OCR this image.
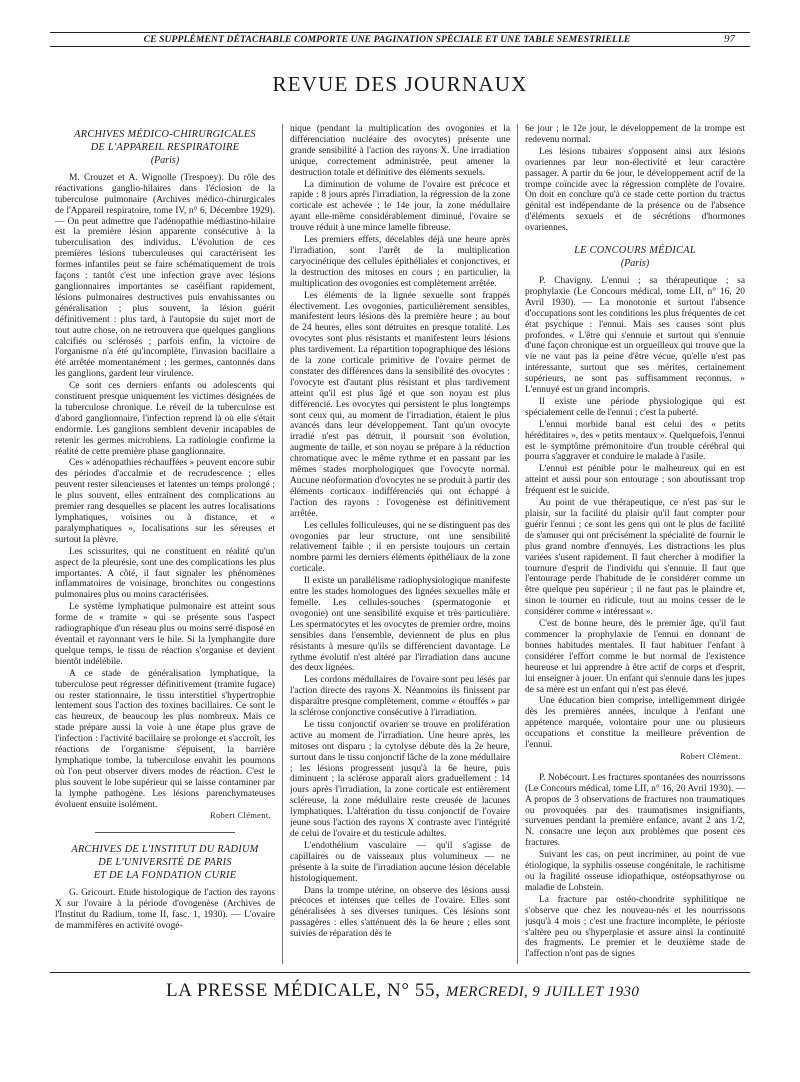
CE SUPPLÉMENT DÉTACHABLE COMPORTE UNE PAGINATION SPÉCIALE ET UNE TABLE SEMESTRIELLE	97
REVUE DES JOURNAUX
ARCHIVES MÉDICO-CHIRURGICALES
DE L'APPAREIL RESPIRATOIRE
(Paris)

M. Crouzet et A. Wignolle (Trespoey). Du rôle des réactivations ganglio-hilaires dans l'éclosion de la tuberculose pulmonaire (Archives médico-chirurgicales de l'Appareil respiratoire, tome IV, n° 6, Décembre 1929). — On peut admettre que l'adénopathie médiastino-hilaire est la première lésion apparente consécutive à la tuberculisation des individus. L'évolution de ces premières lésions tuberculeuses qui caractérisent les formes infantiles peut se faire schématiquement de trois façons : tantôt c'est une infection grave avec lésions ganglionnaires importantes se caséifiant rapidement, lésions pulmonaires destructives puis envahissantes ou généralisation ; plus souvent, la lésion guérit définitivement : plus tard, à l'autopsie du sujet mort de tout autre chose, on ne retrouvera que quelques ganglions calcifiés ou sclérosés ; parfois enfin, la victoire de l'organisme n'a été qu'incomplète, l'invasion bacillaire a été arrêtée momentanément ; les germes, cantonnés dans les ganglions, gardent leur virulence.

Ce sont ces derniers enfants ou adolescents qui constituent presque uniquement les victimes désignées de la tuberculose chronique. Le réveil de la tuberculose est d'abord ganglionnaire, l'infection reprend là où elle s'était endormie. Les ganglions semblent devenir incapables de retenir les germes microbiens. La radiologie confirme la réalité de cette première phase ganglionnaire.

Ces « adénopathies réchauffées » peuvent encore subir des périodes d'accalmie et de recrudescence ; elles peuvent rester silencieuses et latentes un temps prolongé ; le plus souvent, elles entraînent des complications au premier rang desquelles se placent les autres localisations lymphatiques, voisines ou à distance, et « paralymphatiques », localisations sur les séreuses et surtout la plèvre.

Les scissurites, qui ne constituent en réalité qu'un aspect de la pleurésie, sont une des complications les plus importantes. A côté, il faut signaler les phénomènes inflammatoires de voisinage, bronchites ou congestions pulmonaires plus ou moins caractérisées.

Le système lymphatique pulmonaire est atteint sous forme de « tramite » qui se présente sous l'aspect radiographique d'un réseau plus ou moins serré disposé en éventail et rayonnant vers le hile. Si la lymphangite dure quelque temps, le tissu de réaction s'organise et devient bientôt indélébile.

A ce stade de généralisation lymphatique, la tuberculose peut régresser définitivement (tramite fugace) ou rester stationnaire, le tissu interstitiel s'hypertrophie lentement sous l'action des toxines bacillaires. Ce sont le cas heureux, de beaucoup les plus nombreux. Mais ce stade prépare aussi la voie à une étape plus grave de l'infection : l'activité bacillaire se prolonge et s'accroît, les réactions de l'organisme s'épuisent, la barrière lymphatique tombe, la tuberculose envahit les poumons où l'on peut observer divers modes de réaction. C'est le plus souvent le lobe supérieur qui se laisse contaminer par la lymphe pathogène. Les lésions parenchymateuses évoluent ensuite isolément.

Robert Clément.
ARCHIVES DE L'INSTITUT DU RADIUM
DE L'UNIVERSITÉ DE PARIS
ET DE LA FONDATION CURIE

G. Gricourt. Etude histologique de l'action des rayons X sur l'ovaire à la période d'ovogenèse (Archives de l'Institut du Radium, tome II, fasc. 1, 1930). — L'ovaire de mammifères en activité ovogé-

nique (pendant la multiplication des ovogonies et la différenciation nucléaire des ovocytes) présente une grande sensibilité à l'action des rayons X. Une irradiation unique, correctement administrée, peut amener la destruction totale et définitive des éléments sexuels.

La diminution de volume de l'ovaire est précoce et rapide : 8 jours après l'irradiation, la régression de la zone corticale est achevée ; le 14e jour, la zone médullaire ayant elle-même considérablement diminué, l'ovaire se trouve réduit à une mince lamelle fibreuse.

Les premiers effets, décelables déjà une heure après l'irradiation, sont l'arrêt de la multiplication caryocinétique des cellules épithéliales et conjonctives, et la destruction des mitoses en cours ; en particulier, la multiplication des ovogonies est complètement arrêtée.

Les éléments de la lignée sexuelle sont frappés électivement. Les ovogonies, particulièrement sensibles, manifestent leurs lésions dès la première heure ; au bout de 24 heures, elles sont détruites en presque totalité. Les ovocytes sont plus résistants et manifestent leurs lésions plus tardivement. La répartition topographique des lésions de la zone corticale primitive de l'ovaire permet de constater des différences dans la sensibilité des ovocytes : l'ovocyte est d'autant plus résistant et plus tardivement atteint qu'il est plus âgé et que son noyau est plus différencié. Les ovocytes qui persistent le plus longtemps sont ceux qui, au moment de l'irradiation, étaient le plus avancés dans leur développement. Tant qu'un ovocyte irradié n'est pas détruit, il poursuit son évolution, augmente de taille, et son noyau se prépare à la réduction chromatique avec le même rythme et en passant par les mêmes stades morphologiques que l'ovocyte normal. Aucune néoformation d'ovocytes ne se produit à partir des éléments corticaux indifférenciés qui ont échappé à l'action des rayons : l'ovogenèse est définitivement arrêtée.

Les cellules folliculeuses, qui ne se distinguent pas des ovogonies par leur structure, ont une sensibilité relativement faible ; il en persiste toujours un certain nombre parmi les derniers éléments épithéliaux de la zone corticale.

Il existe un parallélisme radiophysiologique manifeste entre les stades homologues des lignées sexuelles mâle et femelle. Les cellules-souches (spermatogonie et ovogonie) ont une sensibilité exquise et très particulière. Les spermatocytes et les ovocytes de premier ordre, moins sensibles dans l'ensemble, deviennent de plus en plus résistants à mesure qu'ils se différencient davantage. Le rythme évolutif n'est altéré par l'irradiation dans aucune des deux lignées.

Les cordons médullaires de l'ovaire sont peu lésés par l'action directe des rayons X. Néanmoins ils finissent par disparaître presque complètement, comme « étouffés » par la sclérose conjonctive consécutive à l'irradiation.

Le tissu conjonctif ovarien se trouve en prolifération active au moment de l'irradiation. Une heure après, les mitoses ont disparu ; la cytolyse débute dès la 2e heure, surtout dans le tissu conjonctif lâche de la zone médullaire ; les lésions progressent jusqu'à la 6e heure, puis diminuent ; la sclérose apparaît alors graduellement : 14 jours après l'irradiation, la zone corticale est entièrement scléreuse, la zone médullaire reste creusée de lacunes lymphatiques. L'altération du tissu conjonctif de l'ovaire jeune sous l'action des rayons X contraste avec l'intégrité de celui de l'ovaire et du testicule adultes.

L'endothélium vasculaire — qu'il s'agisse de capillaires ou de vaisseaux plus volumineux — ne présente à la suite de l'irradiation aucune lésion décelable histologiquement.

Dans la trompe utérine, on observe des lésions aussi précoces et intenses que celles de l'ovaire. Elles sont généralisées à ses diverses tuniques. Ces lésions sont passagères : elles s'atténuent dès la 6e heure ; elles sont suivies de réparation dès le

6e jour ; le 12e jour, le développement de la trompe est redevenu normal.

Les lésions tubaires s'opposent ainsi aux lésions ovariennes par leur non-électivité et leur caractère passager. A partir du 6e jour, le développement actif de la trompe coïncide avec la régression complète de l'ovaire. On doit en conclure qu'à ce stade cette portion du tractus génital est indépendante de la présence ou de l'absence d'éléments sexuels et de sécrétions d'hormones ovariennes.

LE CONCOURS MÉDICAL
(Paris)

P. Chavigny. L'ennui ; sa thérapeutique ; sa prophylaxie (Le Concours médical, tome LII, n° 16, 20 Avril 1930). — La monotonie et surtout l'absence d'occupations sont les conditions les plus fréquentes de cet état psychique : l'ennui. Mais ses causes sont plus profondes. « L'être qui s'ennuie et surtout qui s'ennuie d'une façon chronique est un orgueilleux qui trouve que la vie ne vaut pas la peine d'être vécue, qu'elle n'est pas intéressante, surtout que ses mérites, certainement supérieurs, ne sont pas suffisamment reconnus. » L'ennuyé est un grand incompris.

Il existe une période physiologique qui est spécialement celle de l'ennui ; c'est la puberté.

L'ennui morbide banal est celui des « petits héréditaires », des « petits mentaux ». Quelquefois, l'ennui est le symptôme prémonitoire d'un trouble cérébral qui pourra s'aggraver et conduire le malade à l'asile.

L'ennui est pénible pour le malheureux qui en est atteint et aussi pour son entourage ; son aboutissant trop fréquent est le suicide.

Au point de vue thérapeutique, ce n'est pas sur le plaisir, sur la facilité du plaisir qu'il faut compter pour guérir l'ennui ; ce sont les gens qui ont le plus de facilité de s'amuser qui ont précisément la spécialité de fournir le plus grand nombre d'ennuyés. Les distractions les plus variées s'usent rapidement. Il faut chercher à modifier la tournure d'esprit de l'individu qui s'ennuie. Il faut que l'entourage perde l'habitude de le considérer comme un être quelque peu supérieur ; il ne faut pas le plaindre et, sinon le tourner en ridicule, tout au moins cesser de le considérer comme « intéressant ».

C'est de bonne heure, dès le premier âge, qu'il faut commencer la prophylaxie de l'ennui en donnant de bonnes habitudes mentales. Il faut habituer l'enfant à considérer l'effort comme le but normal de l'existence heureuse et lui apprendre à être actif de corps et d'esprit, lui enseigner à jouer. Un enfant qui s'ennuie dans les jupes de sa mère est un enfant qui n'est pas élevé.

Une éducation bien comprise, intelligemment dirigée dès les premières années, inculque à l'enfant une appétence marquée, volontaire pour une ou plusieurs occupations et constitue la meilleure prévention de l'ennui.

Robert Clément.

P. Nobécourt. Les fractures spontanées des nourrissons (Le Concours médical, tome LII, n° 16, 20 Avril 1930). — A propos de 3 observations de fractures non traumatiques ou provoquées par des traumatismes insignifiants, survenues pendant la première enfance, avant 2 ans 1/2, N. consacre une leçon aux problèmes que posent ces fractures.

Suivant les cas, on peut incriminer, au point de vue étiologique, la syphilis osseuse congénitale, le rachitisme ou la fragilité osseuse idiopathique, ostéopsathyrose ou maladie de Lobstein.

La fracture par ostéo-chondrite syphilitique ne s'observe que chez les nouveau-nés et les nourrissons jusqu'à 4 mois ; c'est une fracture incomplète, le périoste s'altère peu ou s'hyperplasie et assure ainsi la continuité des fragments. Le premier et le deuxième stade de l'affection n'ont pas de signes

LA PRESSE MÉDICALE, N° 55, MERCREDI, 9 JUILLET 1930
